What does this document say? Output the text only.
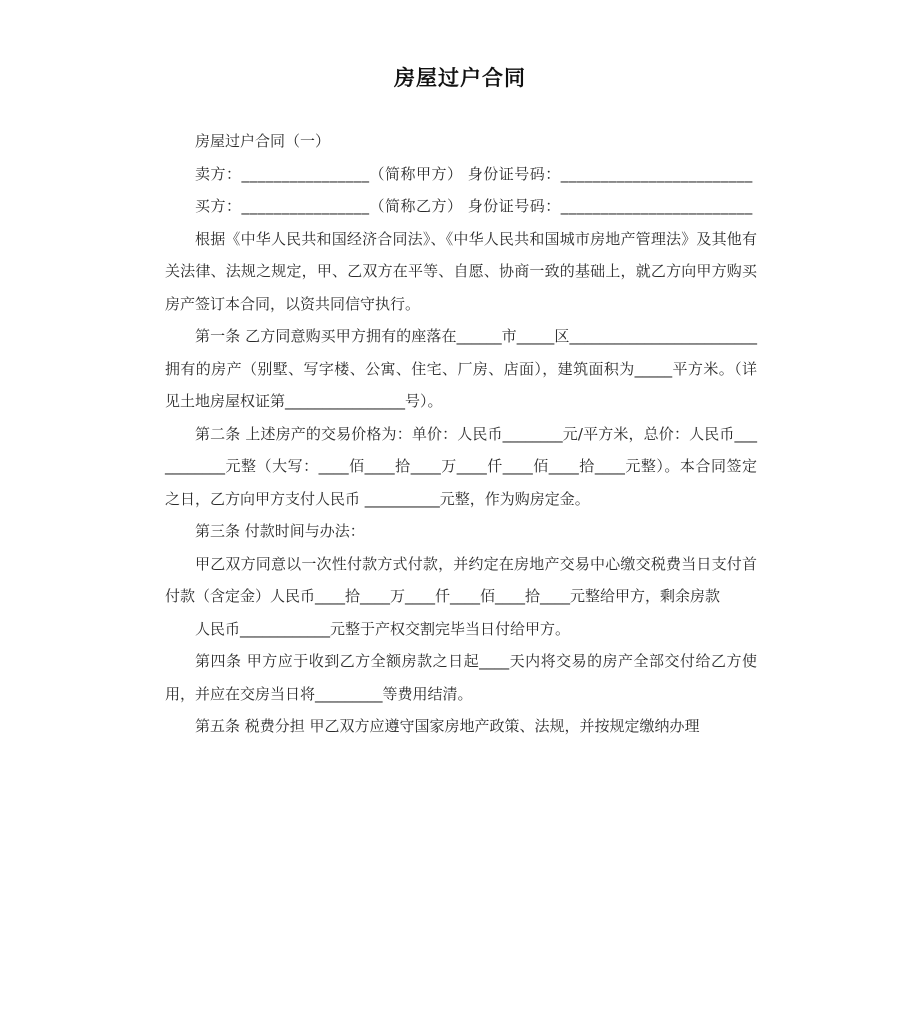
房屋过户合同

房屋过户合同（一）

卖方：________________（简称甲方） 身份证号码：________________________

买方：________________（简称乙方） 身份证号码：________________________

根据《中华人民共和国经济合同法》、《中华人民共和国城市房地产管理法》及其他有关法律、法规之规定，甲、乙双方在平等、自愿、协商一致的基础上，就乙方向甲方购买房产签订本合同，以资共同信守执行。

第一条 乙方同意购买甲方拥有的座落在______市_____区_________________________拥有的房产（别墅、写字楼、公寓、住宅、厂房、店面），建筑面积为_____平方米。（详见土地房屋权证第________________号）。

第二条 上述房产的交易价格为：单价：人民币________元/平方米，总价：人民币___________元整（大写：____佰____拾____万____仟____佰____拾____元整）。本合同签定之日，乙方向甲方支付人民币 __________元整，作为购房定金。

第三条 付款时间与办法：

甲乙双方同意以一次性付款方式付款，并约定在房地产交易中心缴交税费当日支付首付款（含定金）人民币____拾____万____仟____佰____拾____元整给甲方，剩余房款

人民币____________元整于产权交割完毕当日付给甲方。

第四条 甲方应于收到乙方全额房款之日起____天内将交易的房产全部交付给乙方使用，并应在交房当日将_________等费用结清。

第五条 税费分担 甲乙双方应遵守国家房地产政策、法规，并按规定缴纳办理
